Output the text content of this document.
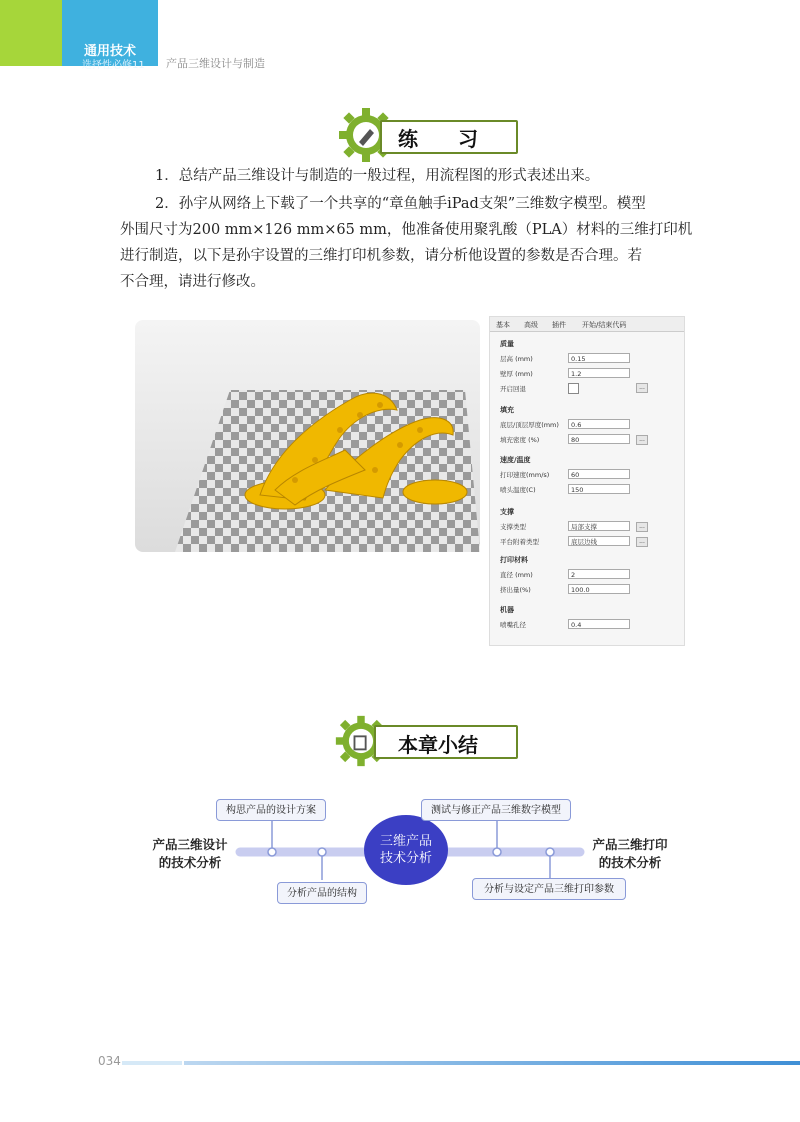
通用技术
选择性必修11 产品三维设计与制造
练　　习
1．总结产品三维设计与制造的一般过程，用流程图的形式表述出来。
2．孙宇从网络上下载了一个共享的“章鱼触手iPad支架”三维数字模型。模型
外围尺寸为200 mm×126 mm×65 mm，他准备使用聚乳酸（PLA）材料的三维打印机
进行制造，以下是孙宇设置的三维打印机参数，请分析他设置的参数是否合理。若
不合理，请进行修改。
基本 高级 插件 开始/结束代码
质量
层高 (mm)	0.15
壁厚 (mm)	1.2
开启回退	...
填充
底层/顶层厚度(mm)	0.6
填充密度 (%)	80	...
速度/温度
打印速度(mm/s)	60
喷头温度(C)	150
支撑
支撑类型	局部支撑	...
平台附着类型	底层边线	...
打印材料
直径 (mm)	2
挤出量(%)	100.0
机器
喷嘴孔径	0.4
本章小结
三维产品
技术分析
产品三维设计
的技术分析
产品三维打印
的技术分析
构思产品的设计方案
分析产品的结构
测试与修正产品三维数字模型
分析与设定产品三维打印参数
034
